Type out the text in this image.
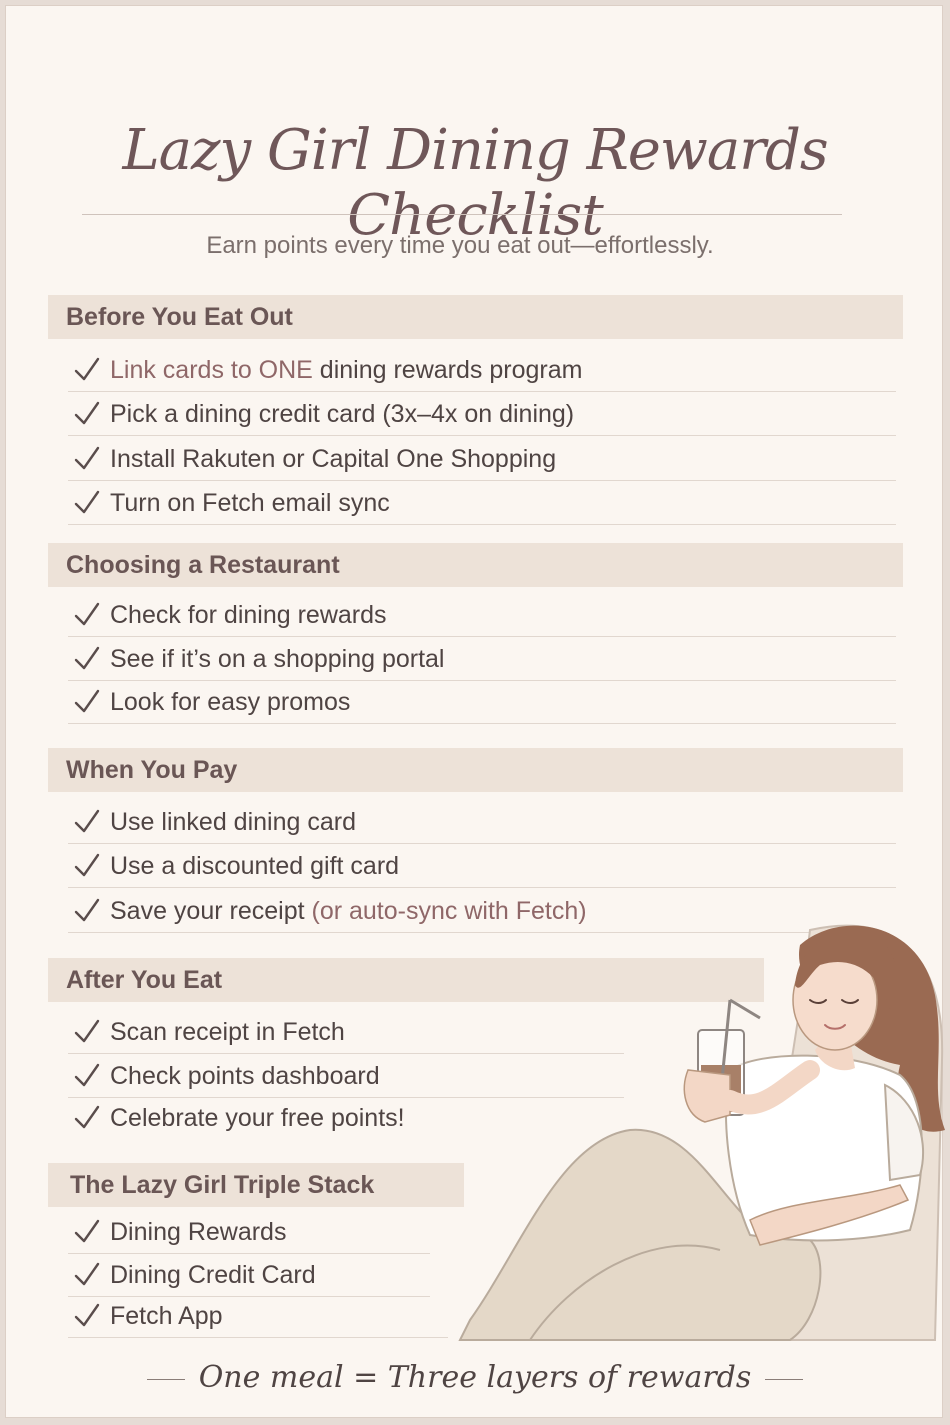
Lazy Girl Dining Rewards Checklist
Earn points every time you eat out—effortlessly.
Before You Eat Out
Link cards to ONE dining rewards program
Pick a dining credit card (3x–4x on dining)
Install Rakuten or Capital One Shopping
Turn on Fetch email sync
Choosing a Restaurant
Check for dining rewards
See if it’s on a shopping portal
Look for easy promos
When You Pay
Use linked dining card
Use a discounted gift card
Save your receipt (or auto-sync with Fetch)
After You Eat
Scan receipt in Fetch
Check points dashboard
Celebrate your free points!
The Lazy Girl Triple Stack
Dining Rewards
Dining Credit Card
Fetch App
One meal = Three layers of rewards
